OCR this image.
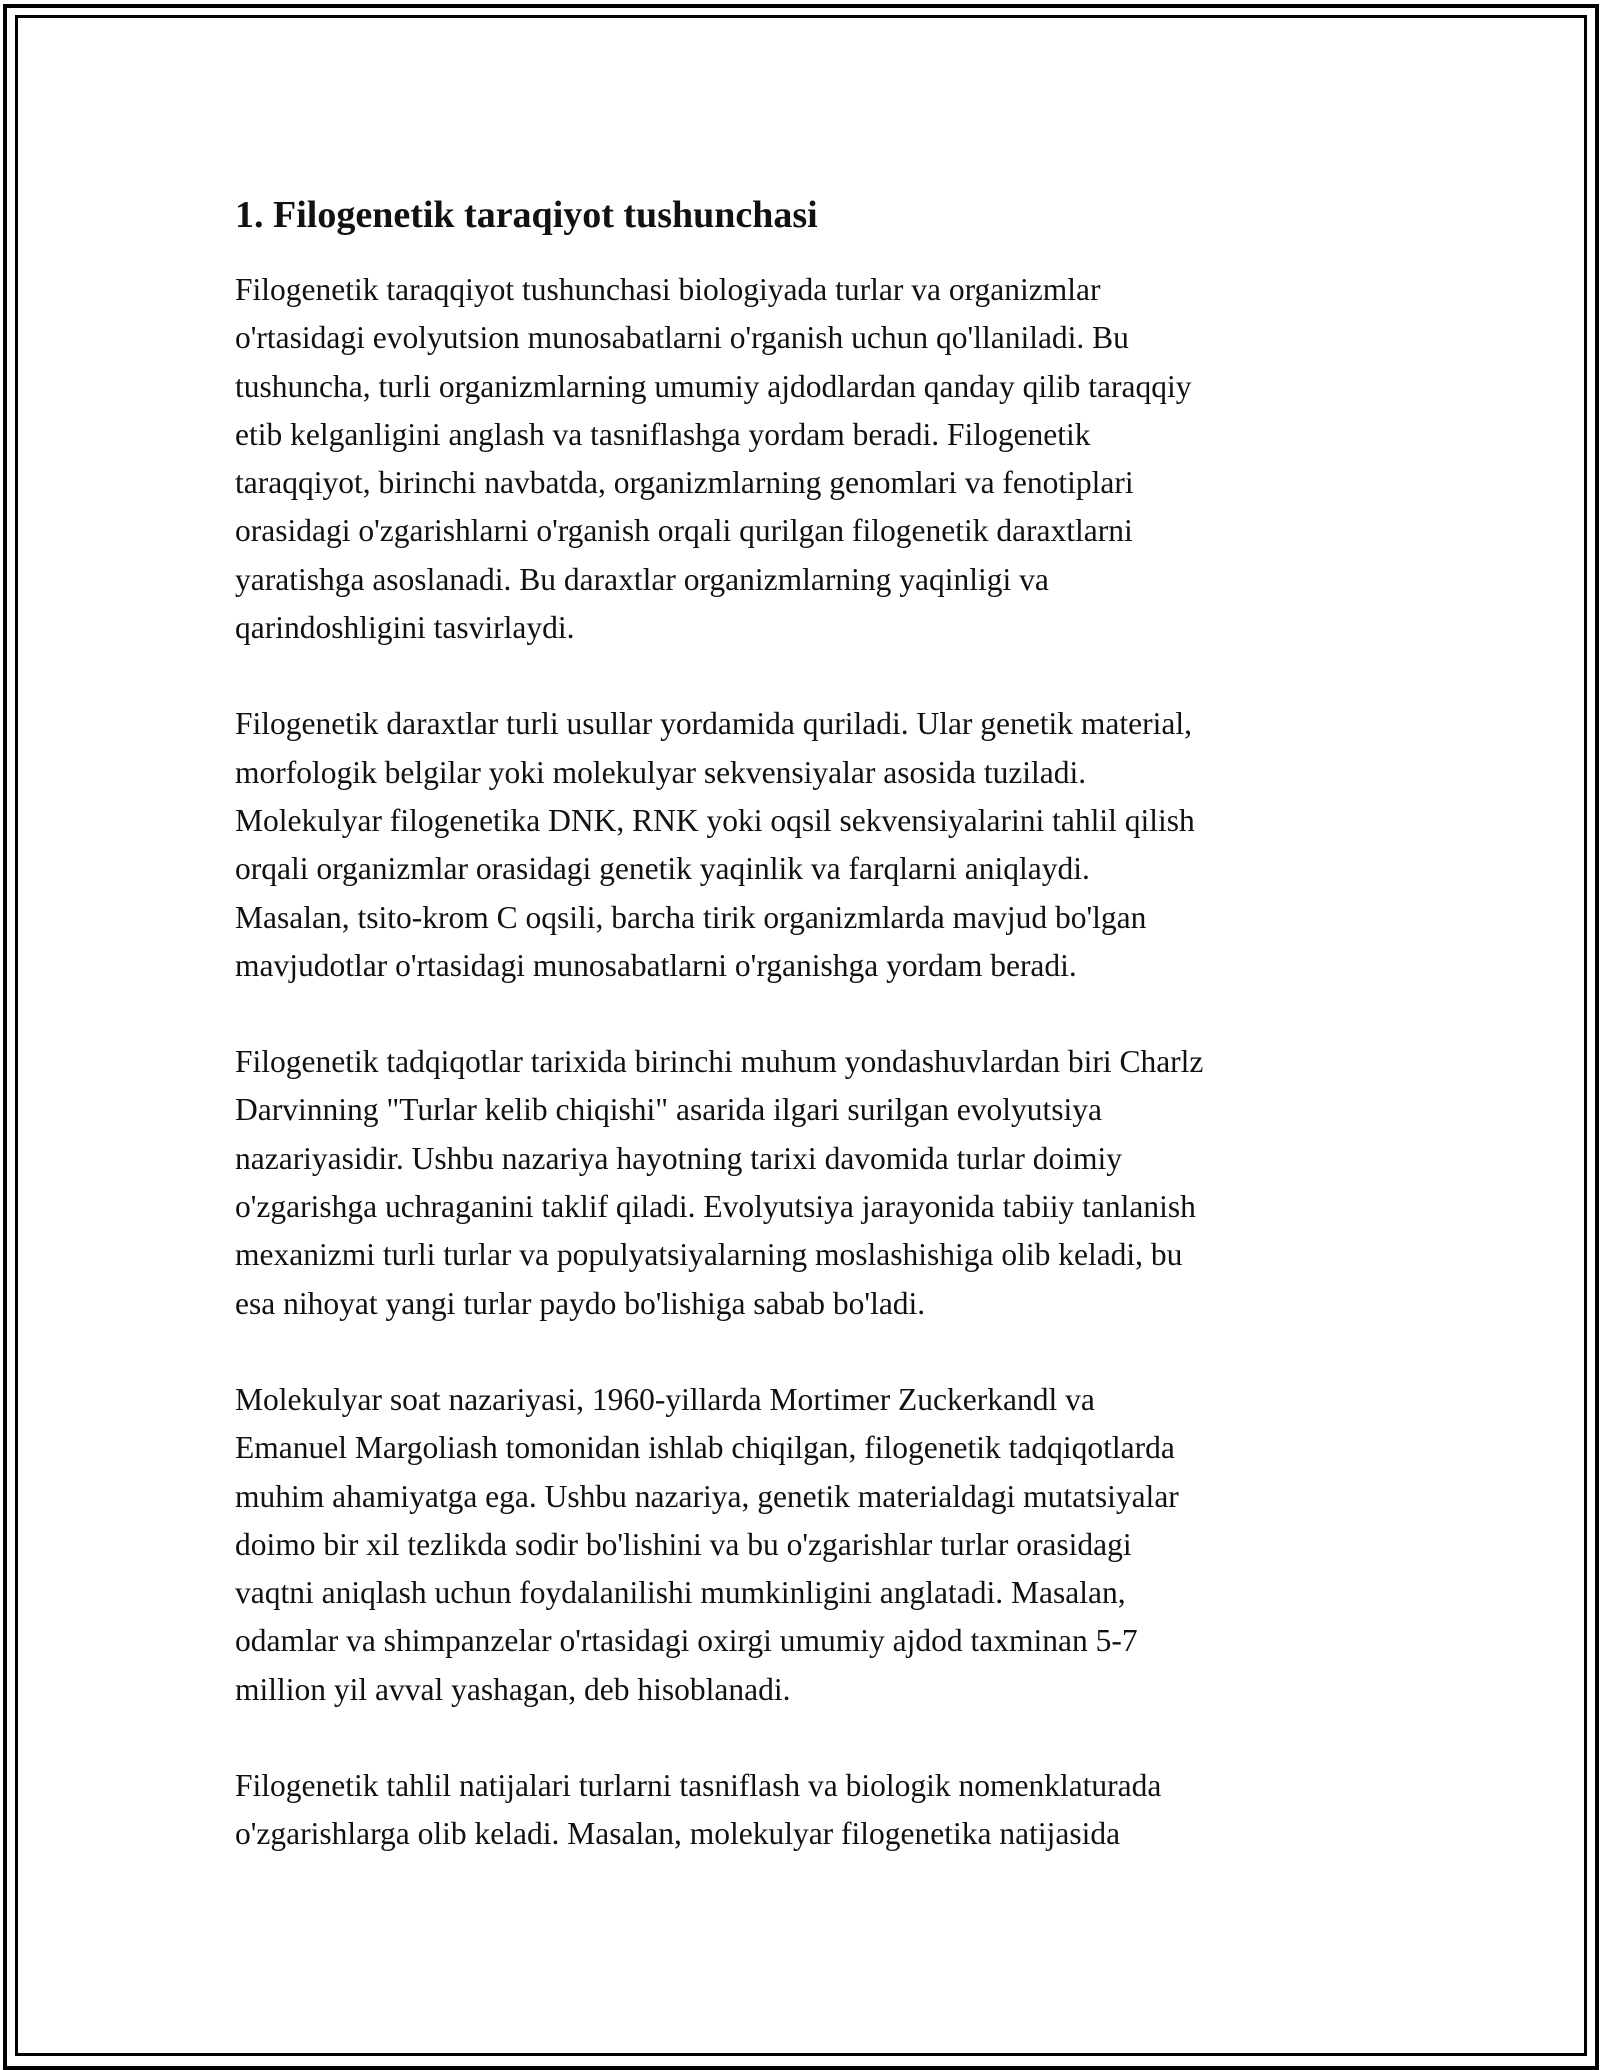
1. Filogenetik taraqiyot tushunchasi

Filogenetik taraqqiyot tushunchasi biologiyada turlar va organizmlar
o'rtasidagi evolyutsion munosabatlarni o'rganish uchun qo'llaniladi. Bu
tushuncha, turli organizmlarning umumiy ajdodlardan qanday qilib taraqqiy
etib kelganligini anglash va tasniflashga yordam beradi. Filogenetik
taraqqiyot, birinchi navbatda, organizmlarning genomlari va fenotiplari
orasidagi o'zgarishlarni o'rganish orqali qurilgan filogenetik daraxtlarni
yaratishga asoslanadi. Bu daraxtlar organizmlarning yaqinligi va
qarindoshligini tasvirlaydi.

Filogenetik daraxtlar turli usullar yordamida quriladi. Ular genetik material,
morfologik belgilar yoki molekulyar sekvensiyalar asosida tuziladi.
Molekulyar filogenetika DNK, RNK yoki oqsil sekvensiyalarini tahlil qilish
orqali organizmlar orasidagi genetik yaqinlik va farqlarni aniqlaydi.
Masalan, tsito-krom C oqsili, barcha tirik organizmlarda mavjud bo'lgan
mavjudotlar o'rtasidagi munosabatlarni o'rganishga yordam beradi.

Filogenetik tadqiqotlar tarixida birinchi muhum yondashuvlardan biri Charlz
Darvinning "Turlar kelib chiqishi" asarida ilgari surilgan evolyutsiya
nazariyasidir. Ushbu nazariya hayotning tarixi davomida turlar doimiy
o'zgarishga uchraganini taklif qiladi. Evolyutsiya jarayonida tabiiy tanlanish
mexanizmi turli turlar va populyatsiyalarning moslashishiga olib keladi, bu
esa nihoyat yangi turlar paydo bo'lishiga sabab bo'ladi.

Molekulyar soat nazariyasi, 1960-yillarda Mortimer Zuckerkandl va
Emanuel Margoliash tomonidan ishlab chiqilgan, filogenetik tadqiqotlarda
muhim ahamiyatga ega. Ushbu nazariya, genetik materialdagi mutatsiyalar
doimo bir xil tezlikda sodir bo'lishini va bu o'zgarishlar turlar orasidagi
vaqtni aniqlash uchun foydalanilishi mumkinligini anglatadi. Masalan,
odamlar va shimpanzelar o'rtasidagi oxirgi umumiy ajdod taxminan 5-7
million yil avval yashagan, deb hisoblanadi.

Filogenetik tahlil natijalari turlarni tasniflash va biologik nomenklaturada
o'zgarishlarga olib keladi. Masalan, molekulyar filogenetika natijasida
